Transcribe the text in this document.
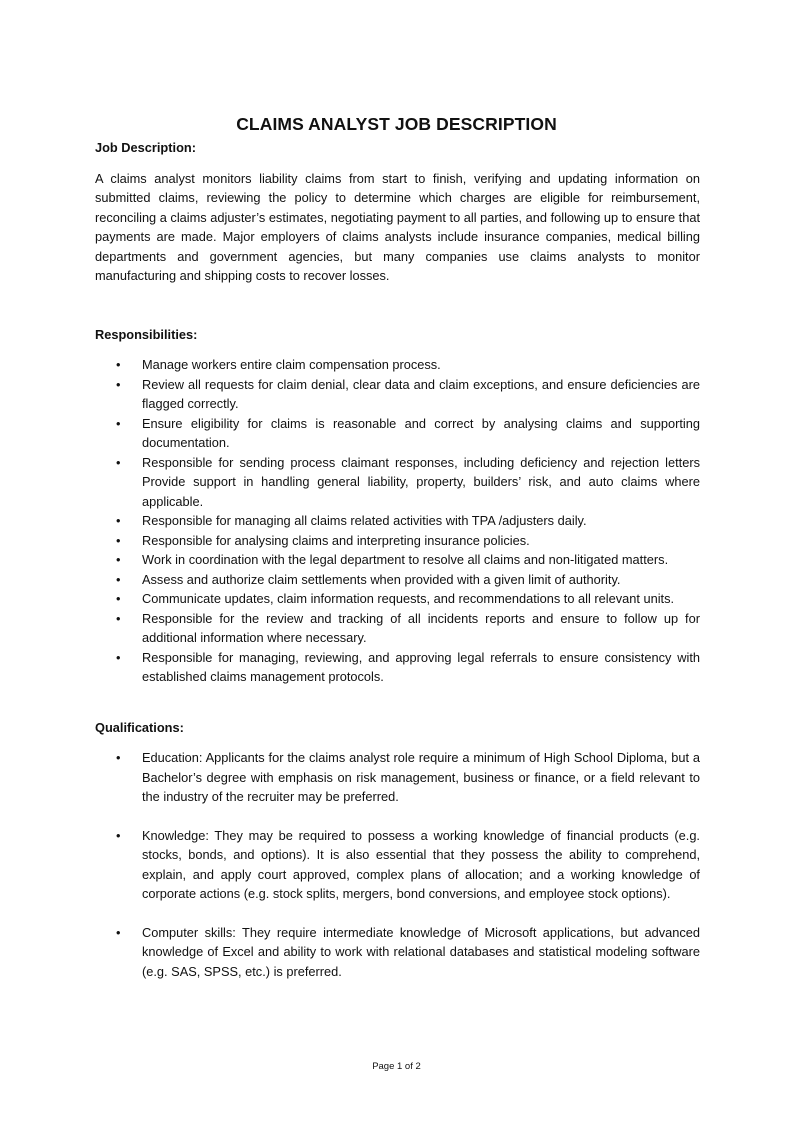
CLAIMS ANALYST JOB DESCRIPTION

Job Description:

A claims analyst monitors liability claims from start to finish, verifying and updating information on submitted claims, reviewing the policy to determine which charges are eligible for reimbursement, reconciling a claims adjuster’s estimates, negotiating payment to all parties, and following up to ensure that payments are made. Major employers of claims analysts include insurance companies, medical billing departments and government agencies, but many companies use claims analysts to monitor manufacturing and shipping costs to recover losses.

Responsibilities:

• Manage workers entire claim compensation process.
• Review all requests for claim denial, clear data and claim exceptions, and ensure deficiencies are flagged correctly.
• Ensure eligibility for claims is reasonable and correct by analysing claims and supporting documentation.
• Responsible for sending process claimant responses, including deficiency and rejection letters Provide support in handling general liability, property, builders’ risk, and auto claims where applicable.
• Responsible for managing all claims related activities with TPA /adjusters daily.
• Responsible for analysing claims and interpreting insurance policies.
• Work in coordination with the legal department to resolve all claims and non-litigated matters.
• Assess and authorize claim settlements when provided with a given limit of authority.
• Communicate updates, claim information requests, and recommendations to all relevant units.
• Responsible for the review and tracking of all incidents reports and ensure to follow up for additional information where necessary.
• Responsible for managing, reviewing, and approving legal referrals to ensure consistency with established claims management protocols.

Qualifications:

• Education: Applicants for the claims analyst role require a minimum of High School Diploma, but a Bachelor’s degree with emphasis on risk management, business or finance, or a field relevant to the industry of the recruiter may be preferred.
• Knowledge: They may be required to possess a working knowledge of financial products (e.g. stocks, bonds, and options). It is also essential that they possess the ability to comprehend, explain, and apply court approved, complex plans of allocation; and a working knowledge of corporate actions (e.g. stock splits, mergers, bond conversions, and employee stock options).
• Computer skills: They require intermediate knowledge of Microsoft applications, but advanced knowledge of Excel and ability to work with relational databases and statistical modeling software (e.g. SAS, SPSS, etc.) is preferred.
Page 1 of 2
